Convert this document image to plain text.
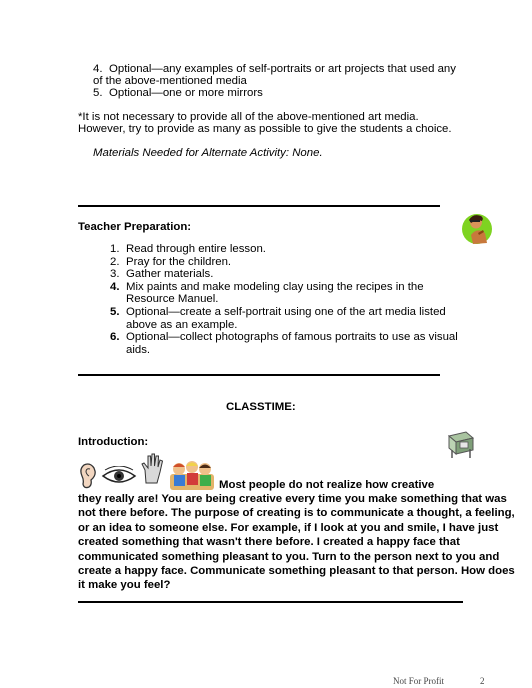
4. Optional—any examples of self-portraits or art projects that used any
of the above-mentioned media
5. Optional—one or more mirrors
*It is not necessary to provide all of the above-mentioned art media.
However, try to provide as many as possible to give the students a choice.
Materials Needed for Alternate Activity: None.
Teacher Preparation:
1. Read through entire lesson.
2. Pray for the children.
3. Gather materials.
4. Mix paints and make modeling clay using the recipes in the
Resource Manuel.
5. Optional—create a self-portrait using one of the art media listed
above as an example.
6. Optional—collect photographs of famous portraits to use as visual
aids.
CLASSTIME:
Introduction:
Most people do not realize how creative
they really are! You are being creative every time you make something that was
not there before. The purpose of creating is to communicate a thought, a feeling,
or an idea to someone else. For example, if I look at you and smile, I have just
created something that wasn't there before. I created a happy face that
communicated something pleasant to you. Turn to the person next to you and
create a happy face. Communicate something pleasant to that person. How does
it make you feel?
Not For Profit	2
